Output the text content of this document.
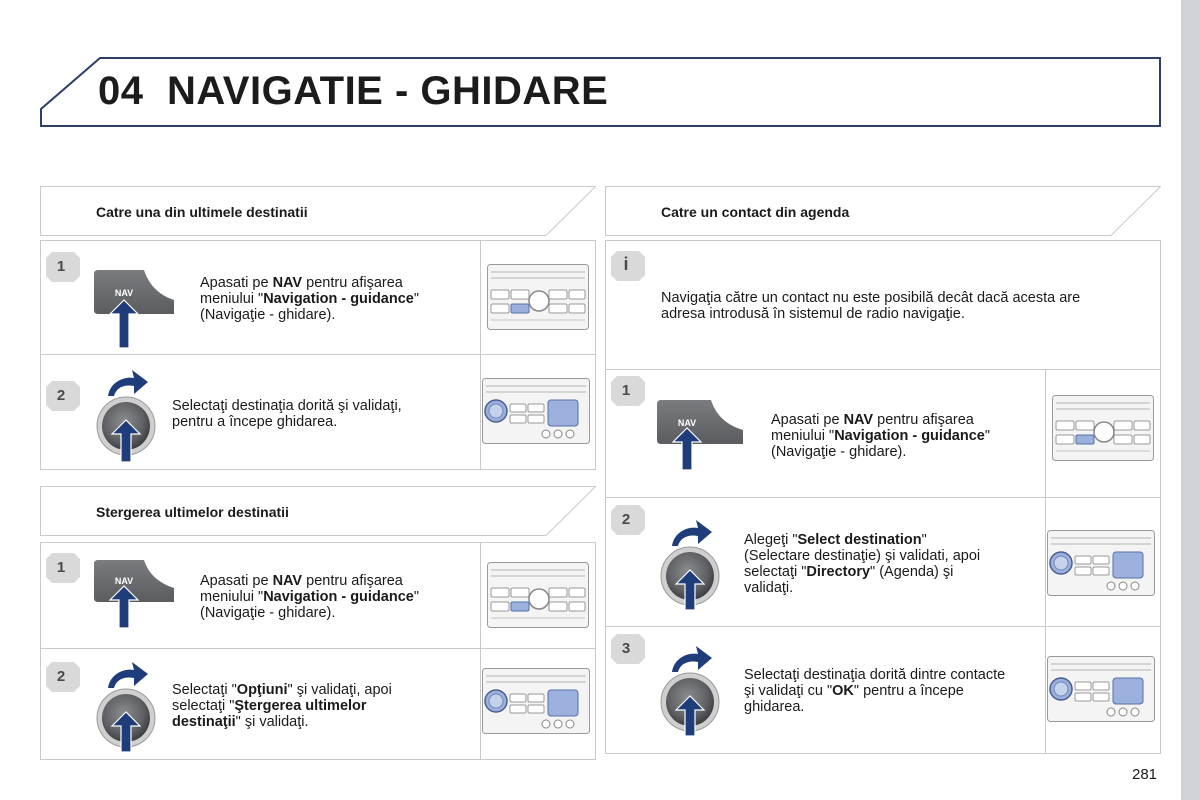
04 NAVIGATIE - GHIDARE
Catre una din ultimele destinatii
1
NAV
Apasati pe NAV pentru afişarea
meniului "Navigation - guidance"
(Navigaţie - ghidare).
2
Selectaţi destinaţia dorită şi validaţi,
pentru a începe ghidarea.
Stergerea ultimelor destinatii
1
NAV	Apasati pe NAV pentru afişarea
meniului "Navigation - guidance"
(Navigaţie - ghidare).
2
Selectaţi "Opţiuni" şi validaţi, apoi
selectaţi "Ştergerea ultimelor
destinaţii" şi validaţi.
Catre un contact din agenda
i
Navigaţia către un contact nu este posibilă decât dacă acesta are
adresa introdusă în sistemul de radio navigaţie.
1
NAV	Apasati pe NAV pentru afişarea
meniului "Navigation - guidance"
(Navigaţie - ghidare).
2
Alegeţi "Select destination"
(Selectare destinaţie) şi validati, apoi
selectaţi "Directory" (Agenda) şi
validaţi.
3
Selectaţi destinaţia dorită dintre contacte
şi validaţi cu "OK" pentru a începe
ghidarea.
281
